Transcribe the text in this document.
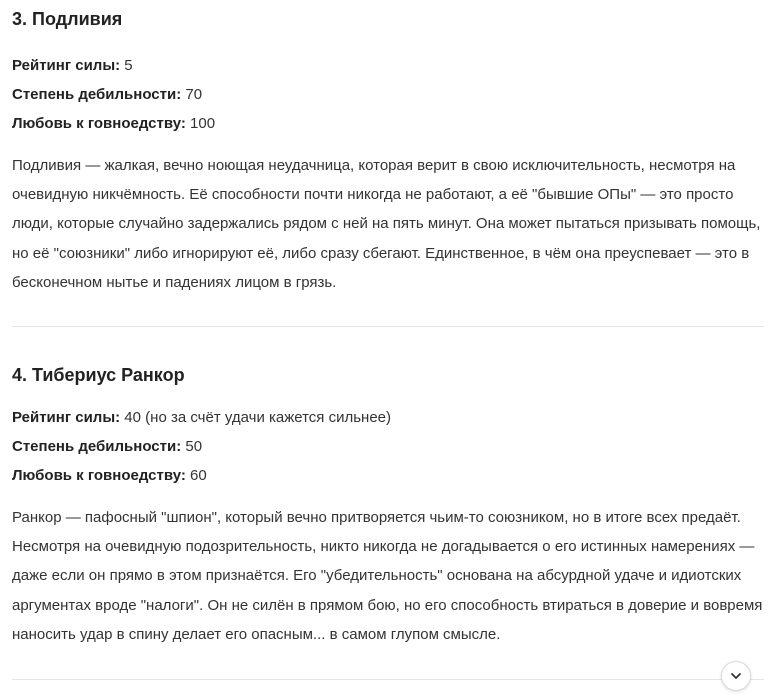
3. Подливия

Рейтинг силы: 5

Степень дебильности: 70

Любовь к говноедству: 100

Подливия — жалкая, вечно ноющая неудачница, которая верит в свою исключительность, несмотря на очевидную никчёмность. Её способности почти никогда не работают, а её "бывшие ОПы" — это просто люди, которые случайно задержались рядом с ней на пять минут. Она может пытаться призывать помощь, но её "союзники" либо игнорируют её, либо сразу сбегают. Единственное, в чём она преуспевает — это в бесконечном нытье и падениях лицом в грязь.

4. Тибериус Ранкор

Рейтинг силы: 40 (но за счёт удачи кажется сильнее)

Степень дебильности: 50

Любовь к говноедству: 60

Ранкор — пафосный "шпион", который вечно притворяется чьим-то союзником, но в итоге всех предаёт. Несмотря на очевидную подозрительность, никто никогда не догадывается о его истинных намерениях — даже если он прямо в этом признаётся. Его "убедительность" основана на абсурдной удаче и идиотских аргументах вроде "налоги". Он не силён в прямом бою, но его способность втираться в доверие и вовремя наносить удар в спину делает его опасным... в самом глупом смысле.
